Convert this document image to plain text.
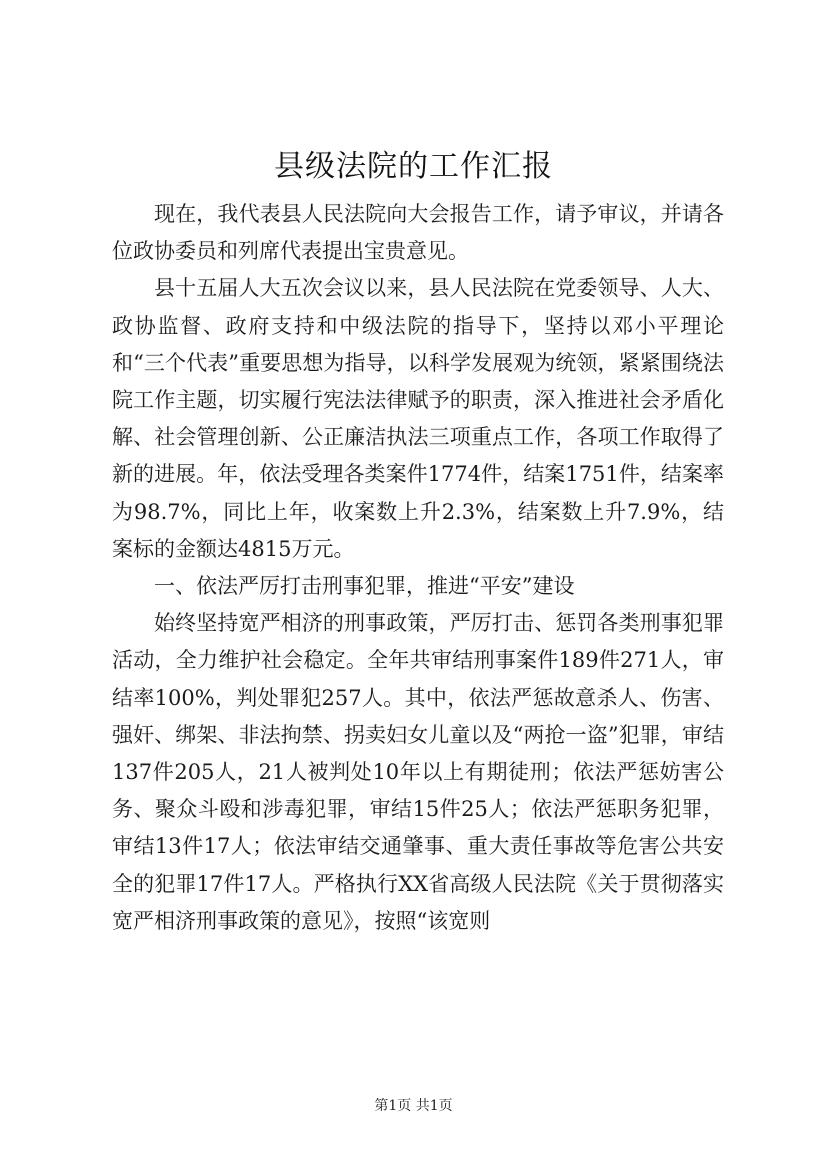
县级法院的工作汇报

现在，我代表县人民法院向大会报告工作，请予审议，并请各位政协委员和列席代表提出宝贵意见。

县十五届人大五次会议以来，县人民法院在党委领导、人大、政协监督、政府支持和中级法院的指导下，坚持以邓小平理论和“三个代表”重要思想为指导，以科学发展观为统领，紧紧围绕法院工作主题，切实履行宪法法律赋予的职责，深入推进社会矛盾化解、社会管理创新、公正廉洁执法三项重点工作，各项工作取得了新的进展。年，依法受理各类案件1774件，结案1751件，结案率为98.7%，同比上年，收案数上升2.3%，结案数上升7.9%，结案标的金额达4815万元。

一、依法严厉打击刑事犯罪，推进“平安”建设

始终坚持宽严相济的刑事政策，严厉打击、惩罚各类刑事犯罪活动，全力维护社会稳定。全年共审结刑事案件189件271人，审结率100%，判处罪犯257人。其中，依法严惩故意杀人、伤害、强奸、绑架、非法拘禁、拐卖妇女儿童以及“两抢一盗”犯罪，审结137件205人，21人被判处10年以上有期徒刑；依法严惩妨害公务、聚众斗殴和涉毒犯罪，审结15件25人；依法严惩职务犯罪，审结13件17人；依法审结交通肇事、重大责任事故等危害公共安全的犯罪17件17人。严格执行XX省高级人民法院《关于贯彻落实宽严相济刑事政策的意见》，按照“该宽则

第1页 共1页
